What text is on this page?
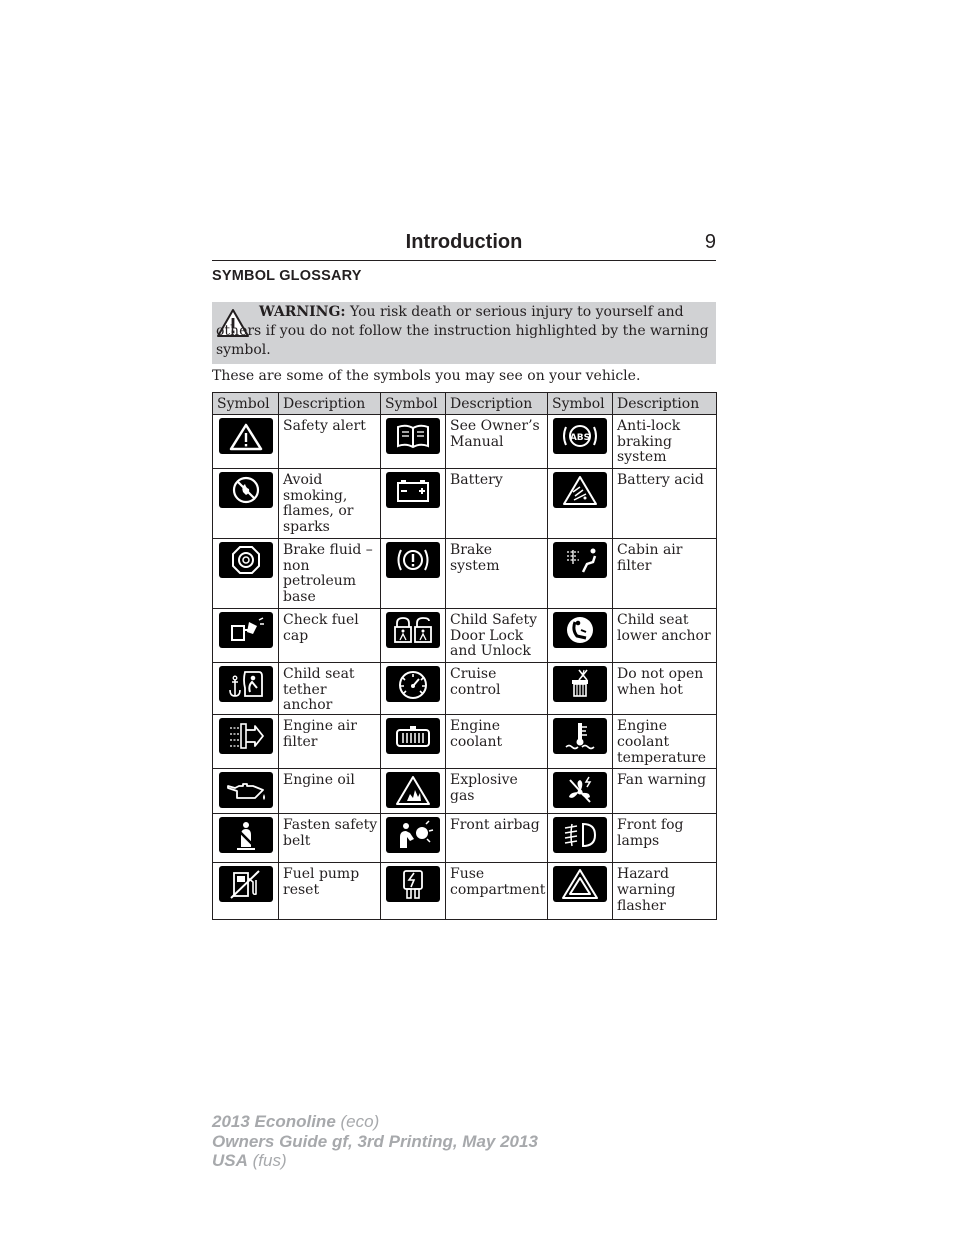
Introduction	9
SYMBOL GLOSSARY

WARNING: You risk death or serious injury to yourself and others if you do not follow the instruction highlighted by the warning symbol.

These are some of the symbols you may see on your vehicle.
Symbol	Description	Symbol	Description	Symbol	Description

	Safety alert		See Owner’s Manual	ABS	Anti-lock braking system

	Avoid smoking, flames, or sparks		Battery		Battery acid

	Brake fluid – non petroleum base		Brake system		Cabin air filter

	Check fuel cap		Child Safety Door Lock and Unlock		Child seat lower anchor

	Child seat tether anchor		Cruise control		Do not open when hot

	Engine air filter		Engine coolant		Engine coolant temperature

	Engine oil		Explosive gas		Fan warning

	Fasten safety belt		Front airbag		Front fog lamps

	Fuel pump reset		Fuse compartment		Hazard warning flasher
2013 Econoline (eco)
Owners Guide gf, 3rd Printing, May 2013
USA (fus)
